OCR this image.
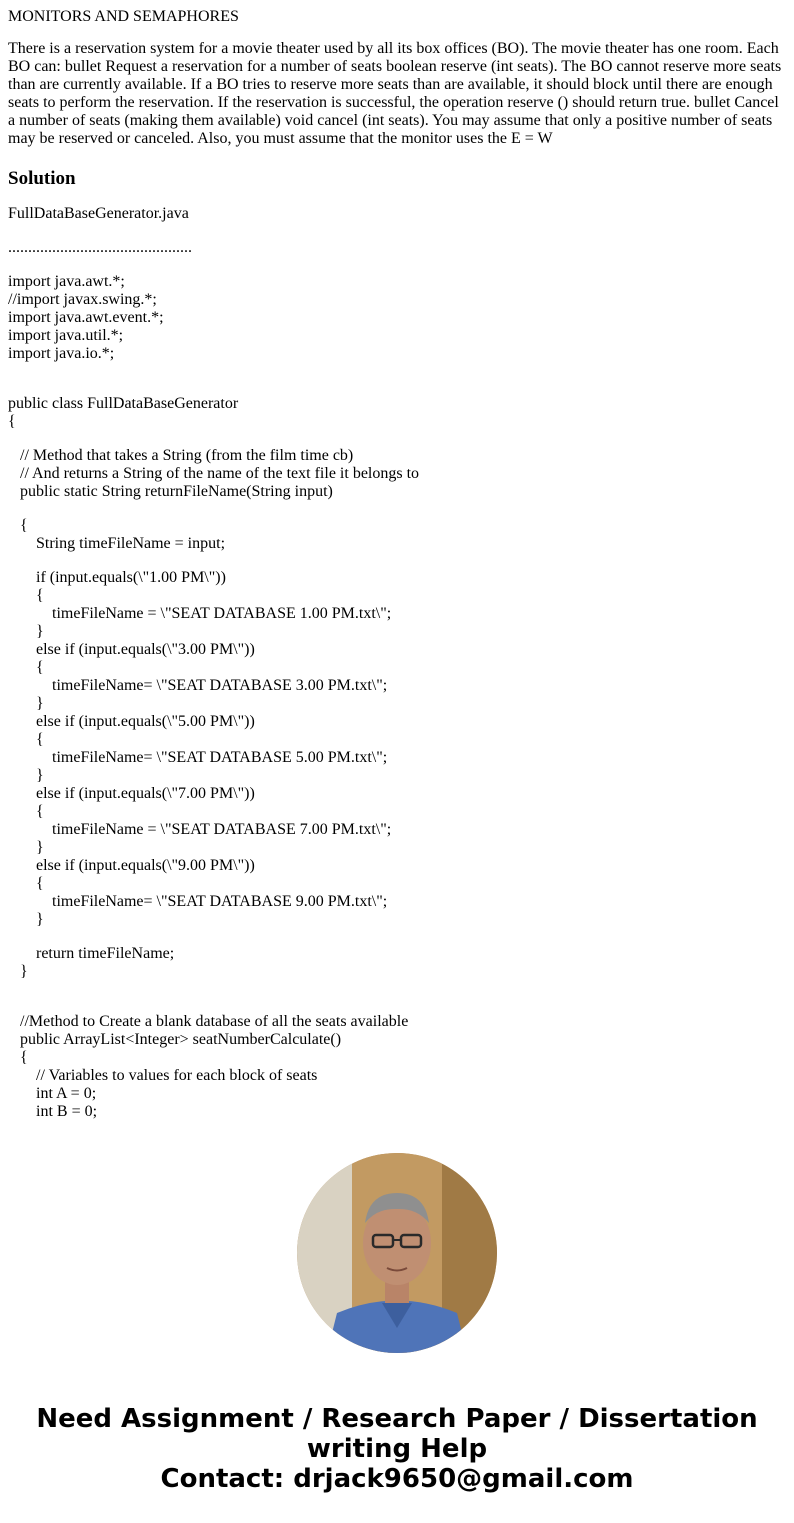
MONITORS AND SEMAPHORES
There is a reservation system for a movie theater used by all its box offices (BO). The movie theater has one room. Each BO can: bullet Request a reservation for a number of seats boolean reserve (int seats). The BO cannot reserve more seats than are currently available. If a BO tries to reserve more seats than are available, it should block until there are enough seats to perform the reservation. If the reservation is successful, the operation reserve () should return true. bullet Cancel a number of seats (making them available) void cancel (int seats). You may assume that only a positive number of seats may be reserved or canceled. Also, you must assume that the monitor uses the E = W
Solution
FullDataBaseGenerator.java
..............................................
import java.awt.*;
//import javax.swing.*;
import java.awt.event.*;
import java.util.*;
import java.io.*;
public class FullDataBaseGenerator
{
// Method that takes a String (from the film time cb)
// And returns a String of the name of the text file it belongs to
public static String returnFileName(String input)
{
String timeFileName = input;
if (input.equals(\"1.00 PM\"))
{
timeFileName = \"SEAT DATABASE 1.00 PM.txt\";
}
else if (input.equals(\"3.00 PM\"))
{
timeFileName= \"SEAT DATABASE 3.00 PM.txt\";
}
else if (input.equals(\"5.00 PM\"))
{
timeFileName= \"SEAT DATABASE 5.00 PM.txt\";
}
else if (input.equals(\"7.00 PM\"))
{
timeFileName = \"SEAT DATABASE 7.00 PM.txt\";
}
else if (input.equals(\"9.00 PM\"))
{
timeFileName= \"SEAT DATABASE 9.00 PM.txt\";
}
return timeFileName;
}
//Method to Create a blank database of all the seats available
public ArrayList<Integer> seatNumberCalculate()
{
// Variables to values for each block of seats
int A = 0;
int B = 0;
Need Assignment / Research Paper / Dissertation
writing Help
Contact: drjack9650@gmail.com
